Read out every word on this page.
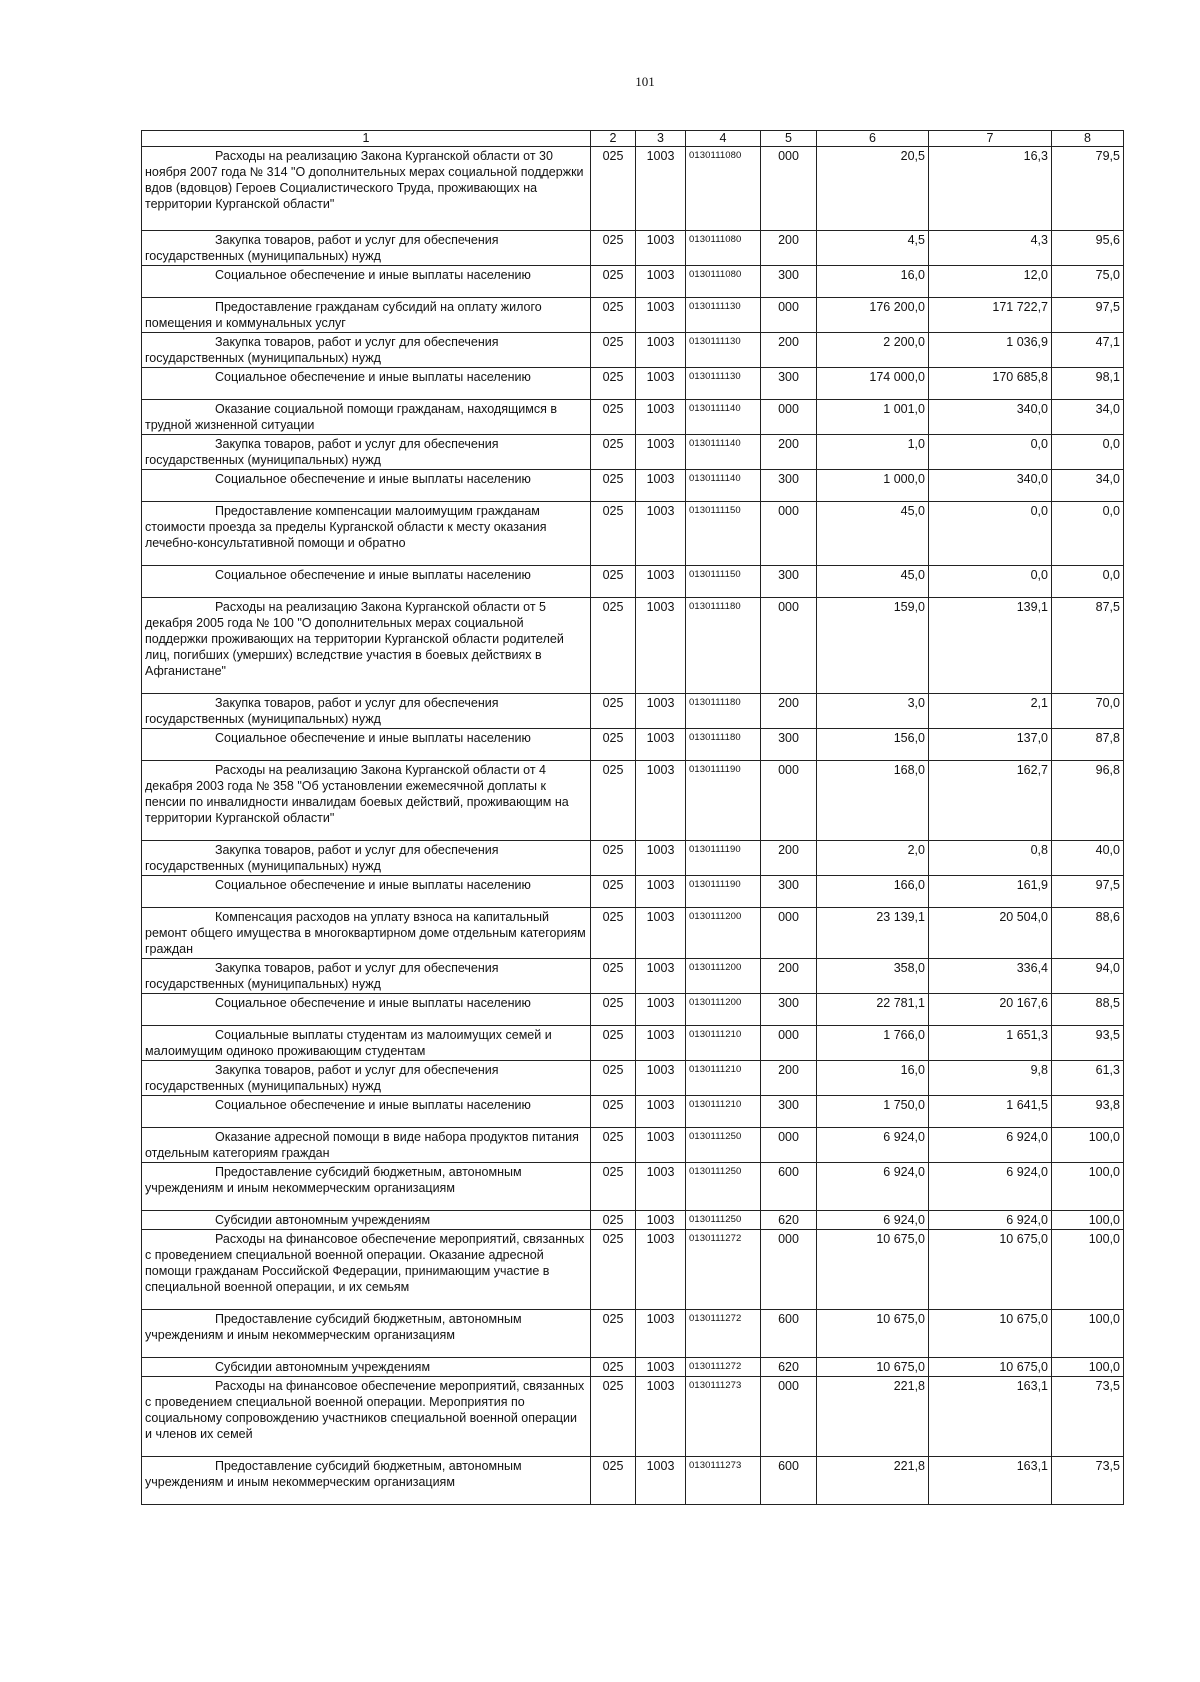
101
1	2	3	4	5	6	7	8
Расходы на реализацию Закона Курганской области от 30 ноября 2007 года № 314 "О дополнительных мерах социальной поддержки вдов (вдовцов) Героев Социалистического Труда, проживающих на территории Курганской области"	025	1003	0130111080	000	20,5	16,3	79,5
Закупка товаров, работ и услуг для обеспечения государственных (муниципальных) нужд	025	1003	0130111080	200	4,5	4,3	95,6
Социальное обеспечение и иные выплаты населению	025	1003	0130111080	300	16,0	12,0	75,0
Предоставление гражданам субсидий на оплату жилого помещения и коммунальных услуг	025	1003	0130111130	000	176 200,0	171 722,7	97,5
Закупка товаров, работ и услуг для обеспечения государственных (муниципальных) нужд	025	1003	0130111130	200	2 200,0	1 036,9	47,1
Социальное обеспечение и иные выплаты населению	025	1003	0130111130	300	174 000,0	170 685,8	98,1
Оказание социальной помощи гражданам, находящимся в трудной жизненной ситуации	025	1003	0130111140	000	1 001,0	340,0	34,0
Закупка товаров, работ и услуг для обеспечения государственных (муниципальных) нужд	025	1003	0130111140	200	1,0	0,0	0,0
Социальное обеспечение и иные выплаты населению	025	1003	0130111140	300	1 000,0	340,0	34,0
Предоставление компенсации малоимущим гражданам стоимости проезда за пределы Курганской области к месту оказания лечебно-консультативной помощи и обратно	025	1003	0130111150	000	45,0	0,0	0,0
Социальное обеспечение и иные выплаты населению	025	1003	0130111150	300	45,0	0,0	0,0
Расходы на реализацию Закона Курганской области от 5 декабря 2005 года № 100 "О дополнительных мерах социальной поддержки проживающих на территории Курганской области родителей лиц, погибших (умерших) вследствие участия в боевых действиях в Афганистане"	025	1003	0130111180	000	159,0	139,1	87,5
Закупка товаров, работ и услуг для обеспечения государственных (муниципальных) нужд	025	1003	0130111180	200	3,0	2,1	70,0
Социальное обеспечение и иные выплаты населению	025	1003	0130111180	300	156,0	137,0	87,8
Расходы на реализацию Закона Курганской области от 4 декабря 2003 года № 358 "Об установлении ежемесячной доплаты к пенсии по инвалидности инвалидам боевых действий, проживающим на территории Курганской области"	025	1003	0130111190	000	168,0	162,7	96,8
Закупка товаров, работ и услуг для обеспечения государственных (муниципальных) нужд	025	1003	0130111190	200	2,0	0,8	40,0
Социальное обеспечение и иные выплаты населению	025	1003	0130111190	300	166,0	161,9	97,5
Компенсация расходов на уплату взноса на капитальный ремонт общего имущества в многоквартирном доме отдельным категориям граждан	025	1003	0130111200	000	23 139,1	20 504,0	88,6
Закупка товаров, работ и услуг для обеспечения государственных (муниципальных) нужд	025	1003	0130111200	200	358,0	336,4	94,0
Социальное обеспечение и иные выплаты населению	025	1003	0130111200	300	22 781,1	20 167,6	88,5
Социальные выплаты студентам из малоимущих семей и малоимущим одиноко проживающим студентам	025	1003	0130111210	000	1 766,0	1 651,3	93,5
Закупка товаров, работ и услуг для обеспечения государственных (муниципальных) нужд	025	1003	0130111210	200	16,0	9,8	61,3
Социальное обеспечение и иные выплаты населению	025	1003	0130111210	300	1 750,0	1 641,5	93,8
Оказание адресной помощи в виде набора продуктов питания отдельным категориям граждан	025	1003	0130111250	000	6 924,0	6 924,0	100,0
Предоставление субсидий бюджетным, автономным учреждениям и иным некоммерческим организациям	025	1003	0130111250	600	6 924,0	6 924,0	100,0
Субсидии автономным учреждениям	025	1003	0130111250	620	6 924,0	6 924,0	100,0
Расходы на финансовое обеспечение мероприятий, связанных с проведением специальной военной операции. Оказание адресной помощи гражданам Российской Федерации, принимающим участие в специальной военной операции, и их семьям	025	1003	0130111272	000	10 675,0	10 675,0	100,0
Предоставление субсидий бюджетным, автономным учреждениям и иным некоммерческим организациям	025	1003	0130111272	600	10 675,0	10 675,0	100,0
Субсидии автономным учреждениям	025	1003	0130111272	620	10 675,0	10 675,0	100,0
Расходы на финансовое обеспечение мероприятий, связанных с проведением специальной военной операции. Мероприятия по социальному сопровождению участников специальной военной операции и членов их семей	025	1003	0130111273	000	221,8	163,1	73,5
Предоставление субсидий бюджетным, автономным учреждениям и иным некоммерческим организациям	025	1003	0130111273	600	221,8	163,1	73,5
